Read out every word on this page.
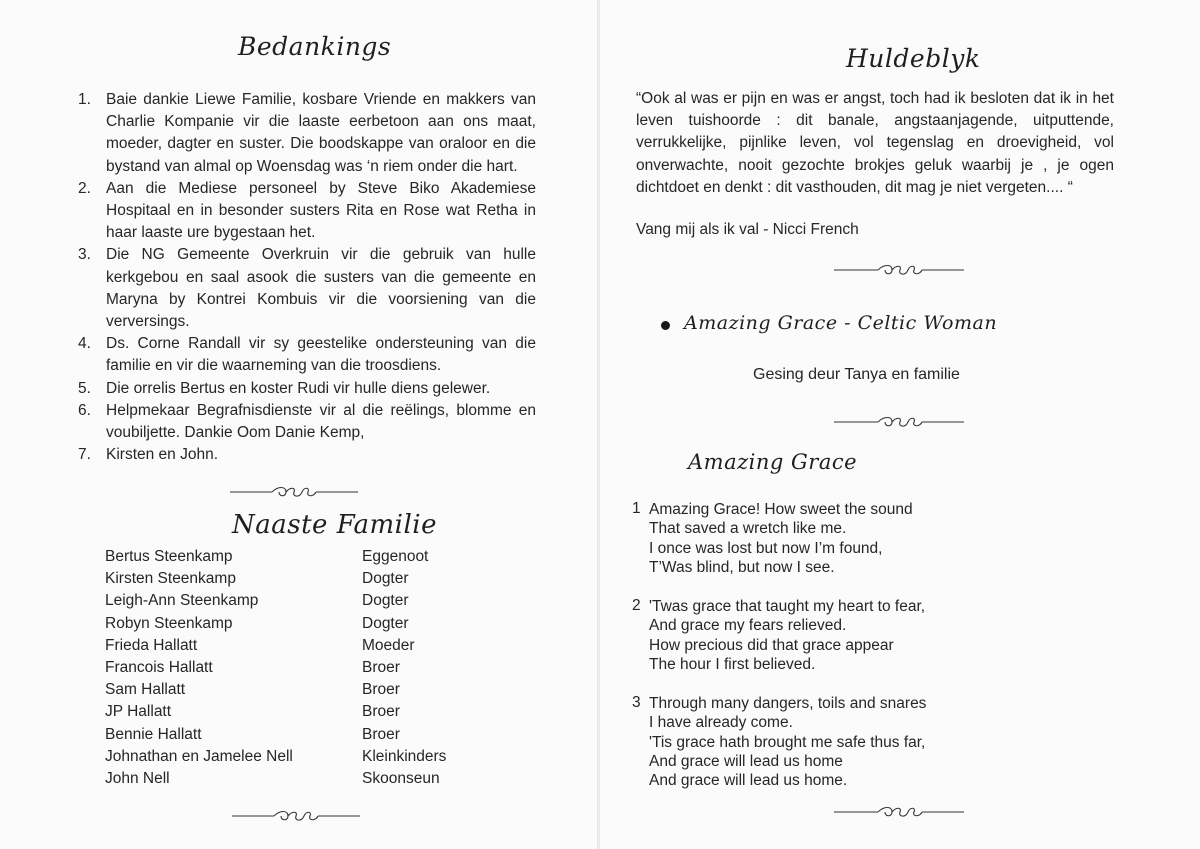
Bedankings
1. Baie dankie Liewe Familie, kosbare Vriende en makkers van Charlie Kompanie vir die laaste eerbetoon aan ons maat, moeder, dagter en suster. Die boodskappe van oraloor en die bystand van almal op Woensdag was ‘n riem onder die hart.
2. Aan die Mediese personeel by Steve Biko Akademiese Hospitaal en in besonder susters Rita en Rose wat Retha in haar laaste ure bygestaan het.
3. Die NG Gemeente Overkruin vir die gebruik van hulle kerkgebou en saal asook die susters van die gemeente en Maryna by Kontrei Kombuis vir die voorsiening van die verversings.
4. Ds. Corne Randall vir sy geestelike ondersteuning van die familie en vir die waarneming van die troosdiens.
5. Die orrelis Bertus en koster Rudi vir hulle diens gelewer.
6. Helpmekaar Begrafnisdienste vir al die reëlings, blomme en voubiljette. Dankie Oom Danie Kemp,
7. Kirsten en John.
Naaste Familie
Bertus Steenkamp	Eggenoot
Kirsten Steenkamp	Dogter
Leigh-Ann Steenkamp	Dogter
Robyn Steenkamp	Dogter
Frieda Hallatt	Moeder
Francois Hallatt	Broer
Sam Hallatt	Broer
JP Hallatt	Broer
Bennie Hallatt	Broer
Johnathan en Jamelee Nell	Kleinkinders
John Nell	Skoonseun
Huldeblyk
“Ook al was er pijn en was er angst, toch had ik besloten dat ik in het leven tuishoorde : dit banale, angstaanjagende, uitputtende, verrukkelijke, pijnlike leven, vol tegenslag en droevigheid, vol onverwachte, nooit gezochte brokjes geluk waarbij je , je ogen dichtdoet en denkt : dit vasthouden, dit mag je niet vergeten.... “
Vang mij als ik val - Nicci French
Amazing Grace - Celtic Woman
Gesing deur Tanya en familie
Amazing Grace
1 Amazing Grace! How sweet the sound
That saved a wretch like me.
I once was lost but now I’m found,
T’Was blind, but now I see.
2 'Twas grace that taught my heart to fear,
And grace my fears relieved.
How precious did that grace appear
The hour I first believed.
3 Through many dangers, toils and snares
I have already come.
'Tis grace hath brought me safe thus far,
And grace will lead us home
And grace will lead us home.
